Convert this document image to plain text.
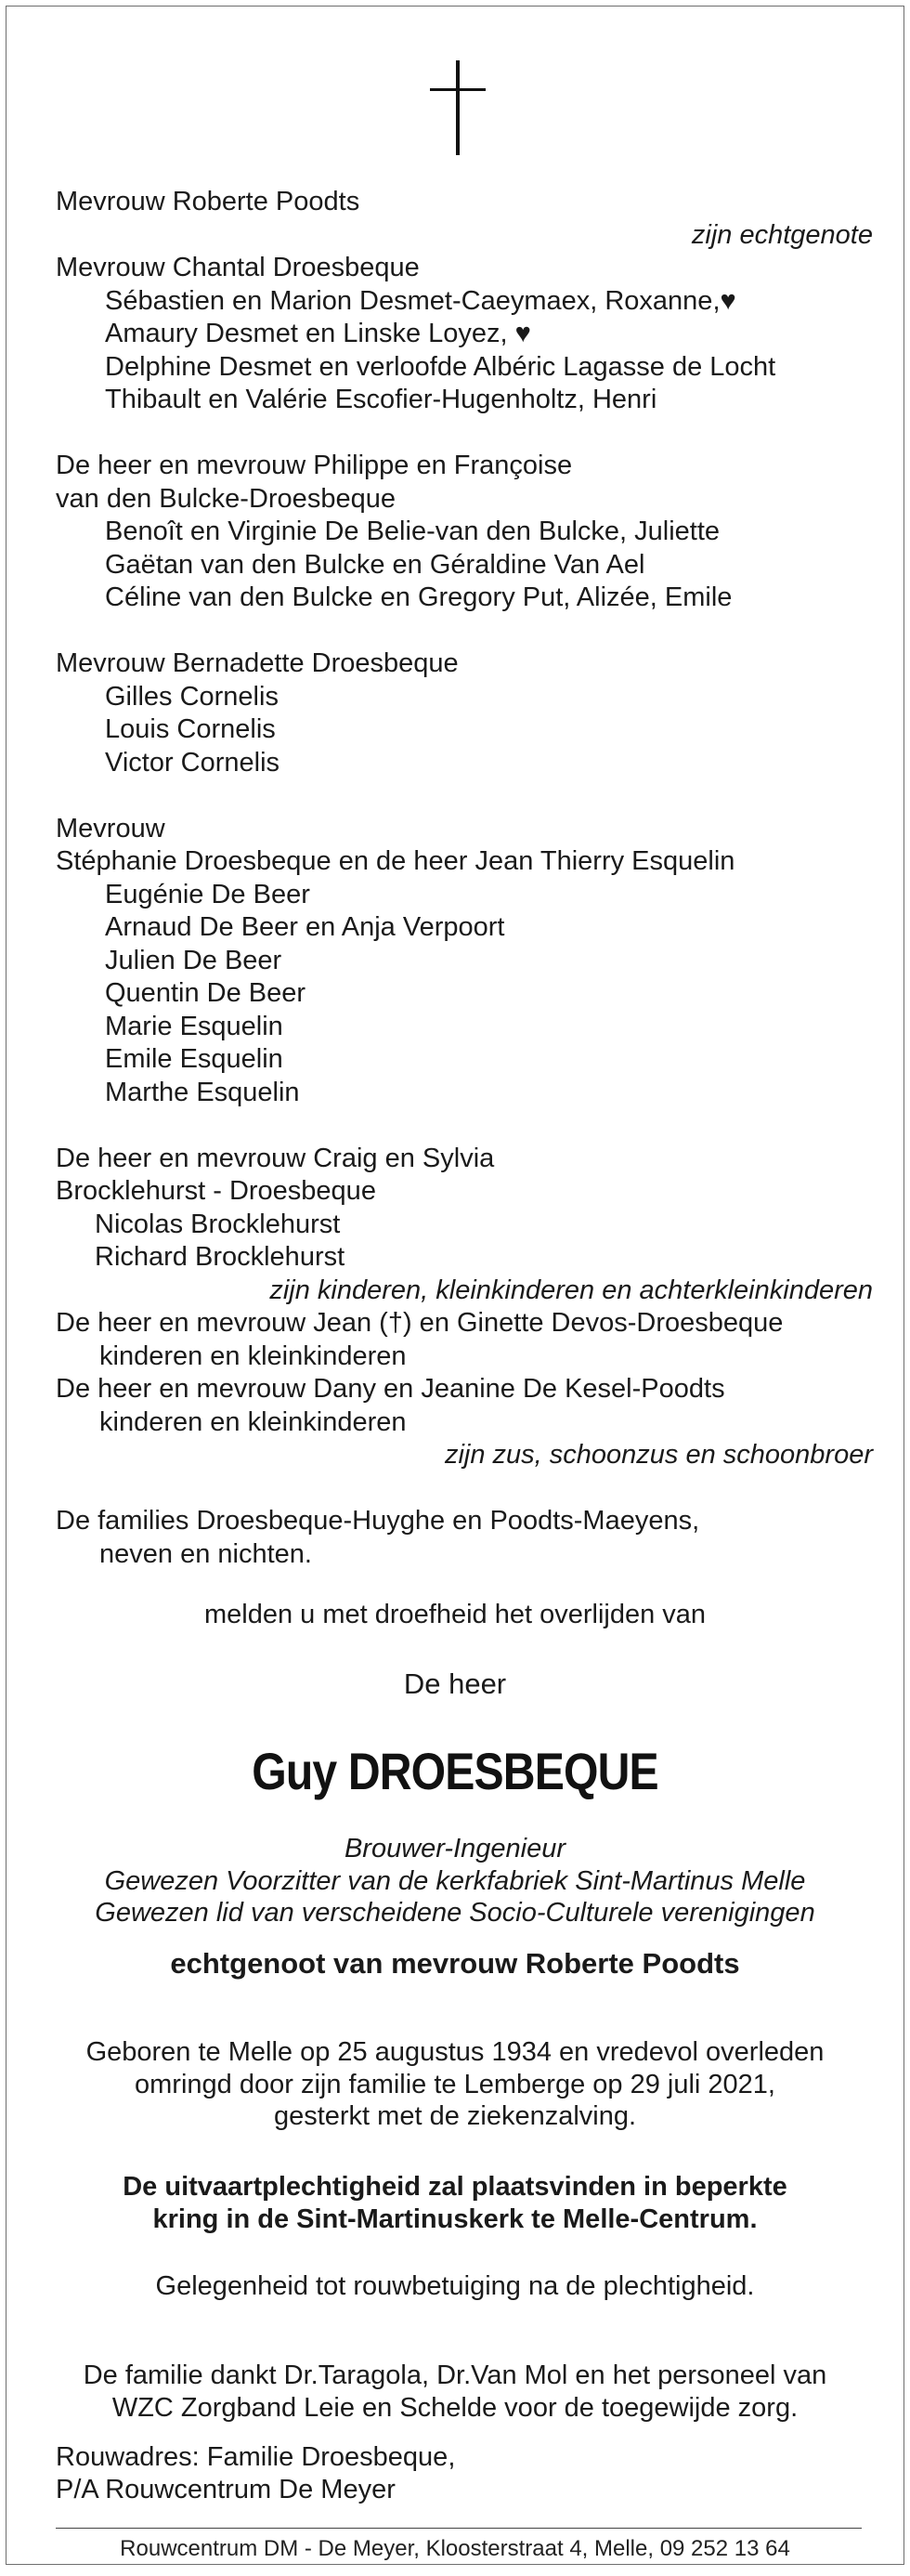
Mevrouw Roberte Poodts
zijn echtgenote
Mevrouw Chantal Droesbeque
Sébastien en Marion Desmet-Caeymaex, Roxanne,♥
Amaury Desmet en Linske Loyez, ♥
Delphine Desmet en verloofde Albéric Lagasse de Locht
Thibault en Valérie Escofier-Hugenholtz, Henri
De heer en mevrouw Philippe en Françoise
van den Bulcke-Droesbeque
Benoît en Virginie De Belie-van den Bulcke, Juliette
Gaëtan van den Bulcke en Géraldine Van Ael
Céline van den Bulcke en Gregory Put, Alizée, Emile
Mevrouw Bernadette Droesbeque
Gilles Cornelis
Louis Cornelis
Victor Cornelis
Mevrouw
Stéphanie Droesbeque en de heer Jean Thierry Esquelin
Eugénie De Beer
Arnaud De Beer en Anja Verpoort
Julien De Beer
Quentin De Beer
Marie Esquelin
Emile Esquelin
Marthe Esquelin
De heer en mevrouw Craig en Sylvia
Brocklehurst - Droesbeque
Nicolas Brocklehurst
Richard Brocklehurst
zijn kinderen, kleinkinderen en achterkleinkinderen
De heer en mevrouw Jean (†) en Ginette Devos-Droesbeque
kinderen en kleinkinderen
De heer en mevrouw Dany en Jeanine De Kesel-Poodts
kinderen en kleinkinderen
zijn zus, schoonzus en schoonbroer
De families Droesbeque-Huyghe en Poodts-Maeyens,
neven en nichten.
melden u met droefheid het overlijden van
De heer
Guy DROESBEQUE
Brouwer-Ingenieur
Gewezen Voorzitter van de kerkfabriek Sint-Martinus Melle
Gewezen lid van verscheidene Socio-Culturele verenigingen
echtgenoot van mevrouw Roberte Poodts
Geboren te Melle op 25 augustus 1934 en vredevol overleden
omringd door zijn familie te Lemberge op 29 juli 2021,
gesterkt met de ziekenzalving.
De uitvaartplechtigheid zal plaatsvinden in beperkte
kring in de Sint-Martinuskerk te Melle-Centrum.
Gelegenheid tot rouwbetuiging na de plechtigheid.
De familie dankt Dr.Taragola, Dr.Van Mol en het personeel van
WZC Zorgband Leie en Schelde voor de toegewijde zorg.
Rouwadres: Familie Droesbeque,
P/A Rouwcentrum De Meyer
Rouwcentrum DM - De Meyer, Kloosterstraat 4, Melle, 09 252 13 64
